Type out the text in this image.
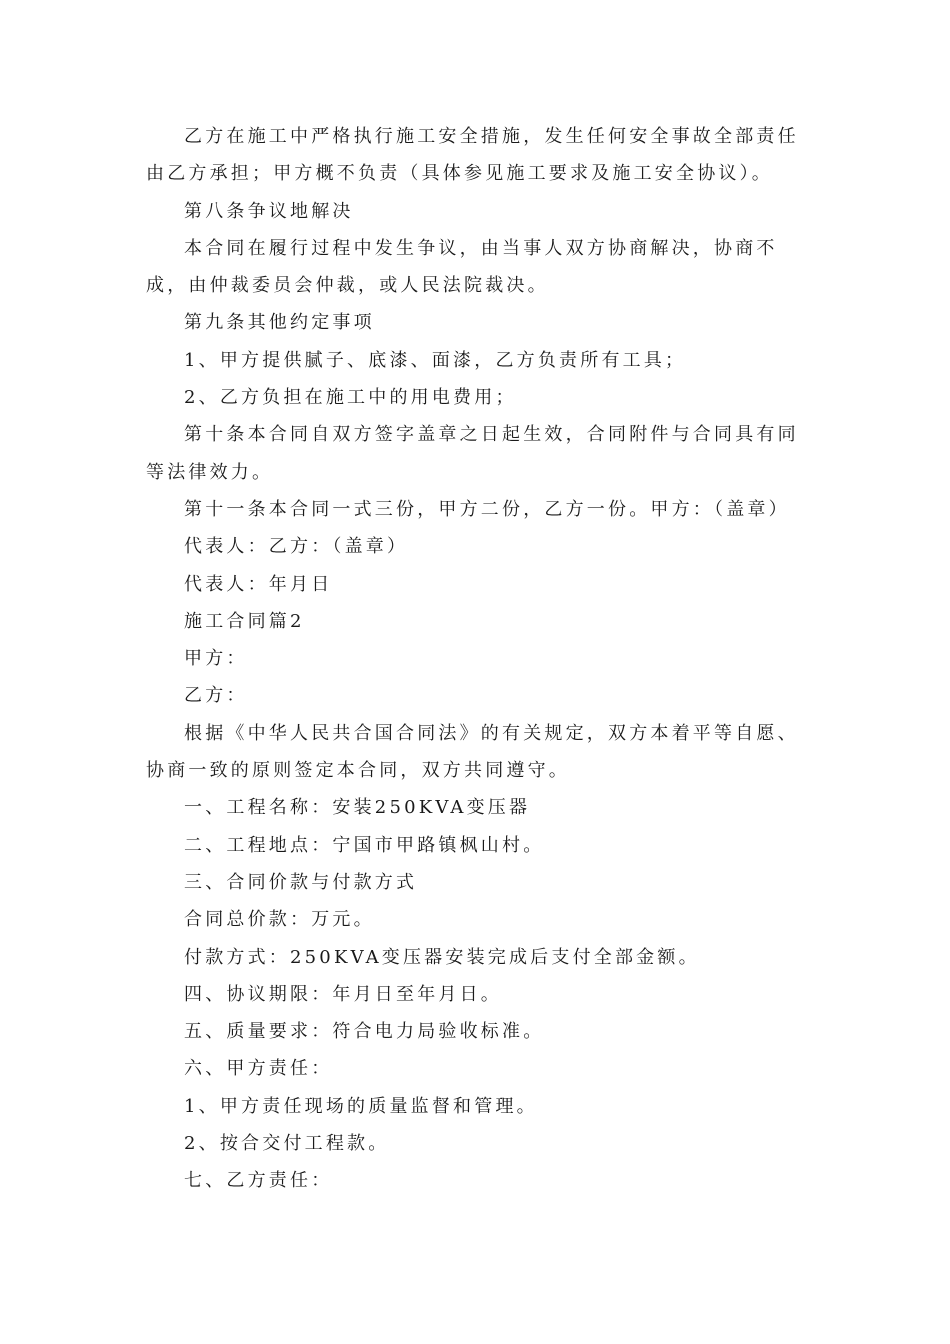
乙方在施工中严格执行施工安全措施，发生任何安全事故全部责任由乙方承担；甲方概不负责（具体参见施工要求及施工安全协议）。

第八条争议地解决

本合同在履行过程中发生争议，由当事人双方协商解决，协商不成，由仲裁委员会仲裁，或人民法院裁决。

第九条其他约定事项

1、甲方提供腻子、底漆、面漆，乙方负责所有工具；

2、乙方负担在施工中的用电费用；

第十条本合同自双方签字盖章之日起生效，合同附件与合同具有同等法律效力。

第十一条本合同一式三份，甲方二份，乙方一份。甲方：（盖章）

代表人：乙方：（盖章）

代表人：年月日

施工合同篇2

甲方：

乙方：

根据《中华人民共合国合同法》的有关规定，双方本着平等自愿、协商一致的原则签定本合同，双方共同遵守。

一、工程名称：安装250KVA变压器

二、工程地点：宁国市甲路镇枫山村。

三、合同价款与付款方式

合同总价款：万元。

付款方式：250KVA变压器安装完成后支付全部金额。

四、协议期限：年月日至年月日。

五、质量要求：符合电力局验收标准。

六、甲方责任：

1、甲方责任现场的质量监督和管理。

2、按合交付工程款。

七、乙方责任：
